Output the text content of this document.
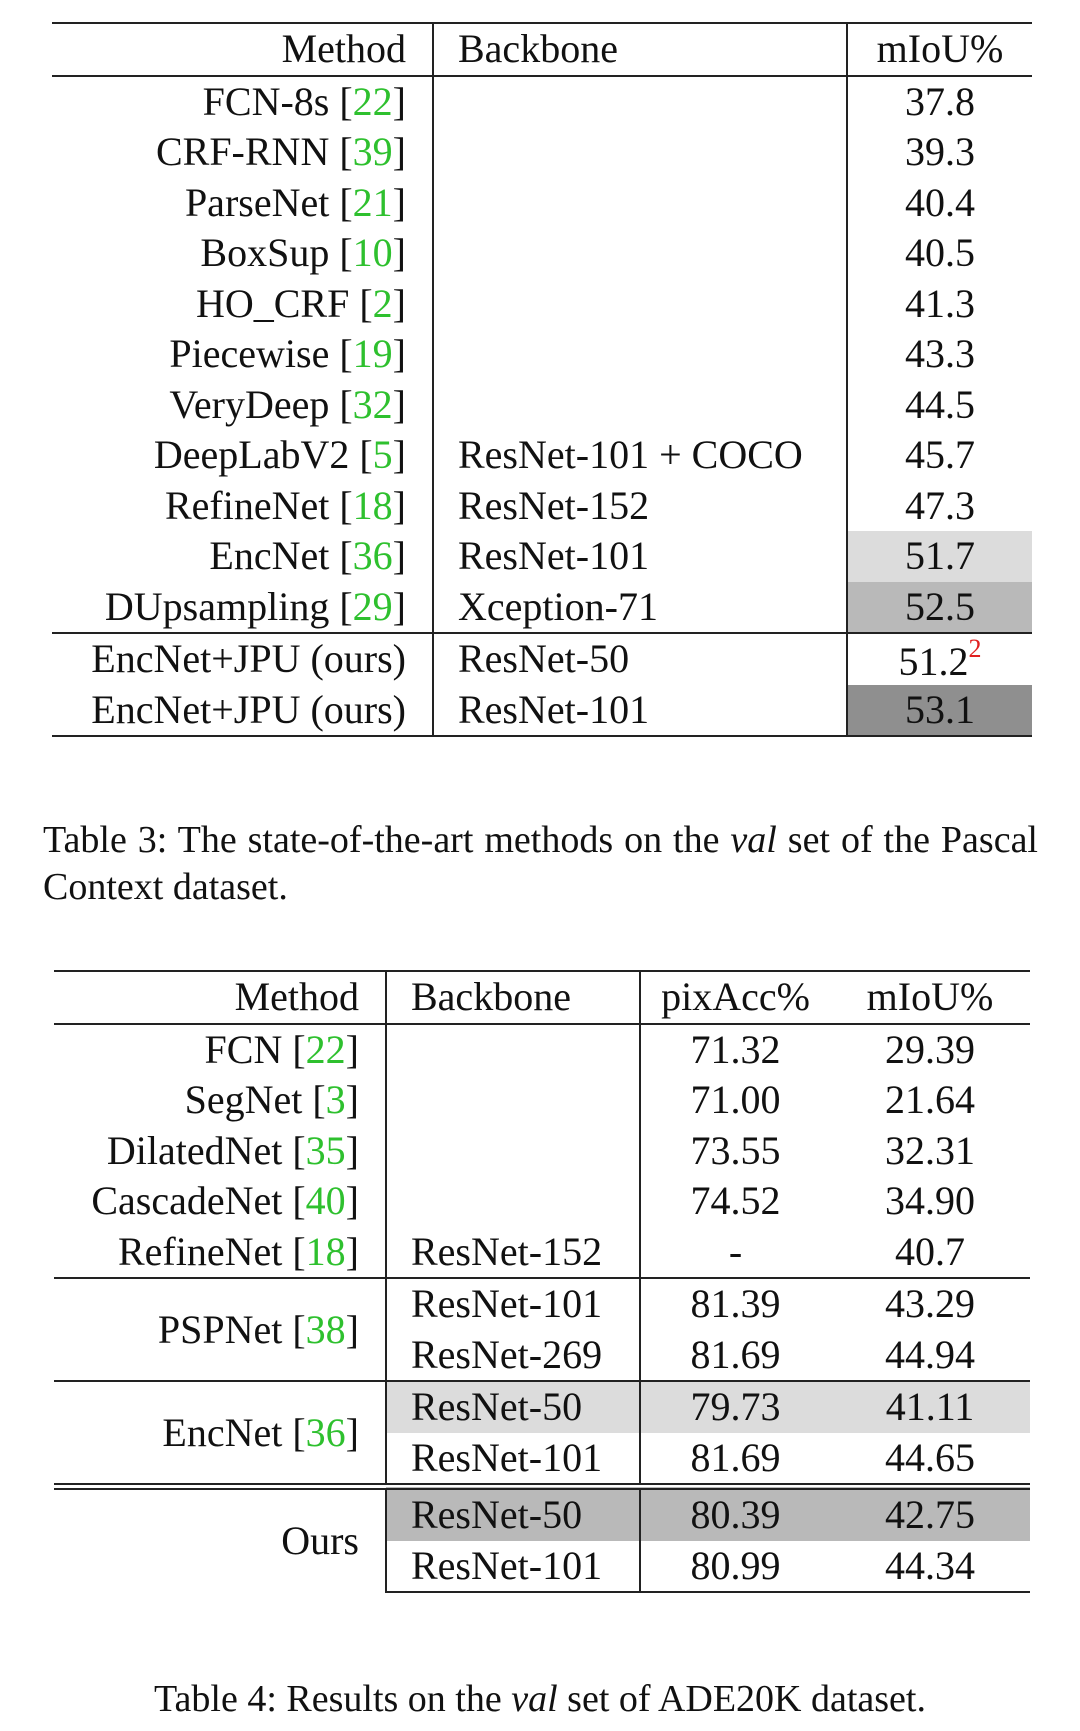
Method	Backbone	mIoU%
FCN-8s [22]		37.8
CRF-RNN [39]		39.3
ParseNet [21]		40.4
BoxSup [10]		40.5
HO_CRF [2]		41.3
Piecewise [19]		43.3
VeryDeep [32]		44.5
DeepLabV2 [5]	ResNet-101 + COCO	45.7
RefineNet [18]	ResNet-152	47.3
EncNet [36]	ResNet-101	51.7
DUpsampling [29]	Xception-71	52.5
EncNet+JPU (ours)	ResNet-50	51.2$^2$
EncNet+JPU (ours)	ResNet-101	53.1

Table 3: The state-of-the-art methods on the val set of the Pascal Context dataset.

Method	Backbone	pixAcc%	mIoU%
FCN [22]		71.32	29.39
SegNet [3]		71.00	21.64
DilatedNet [35]		73.55	32.31
CascadeNet [40]		74.52	34.90
RefineNet [18]	ResNet-152	-	40.7
PSPNet [38]	ResNet-101	81.39	43.29
	ResNet-269	81.69	44.94
EncNet [36]	ResNet-50	79.73	41.11
	ResNet-101	81.69	44.65
Ours	ResNet-50	80.39	42.75
	ResNet-101	80.99	44.34

Table 4: Results on the val set of ADE20K dataset.
